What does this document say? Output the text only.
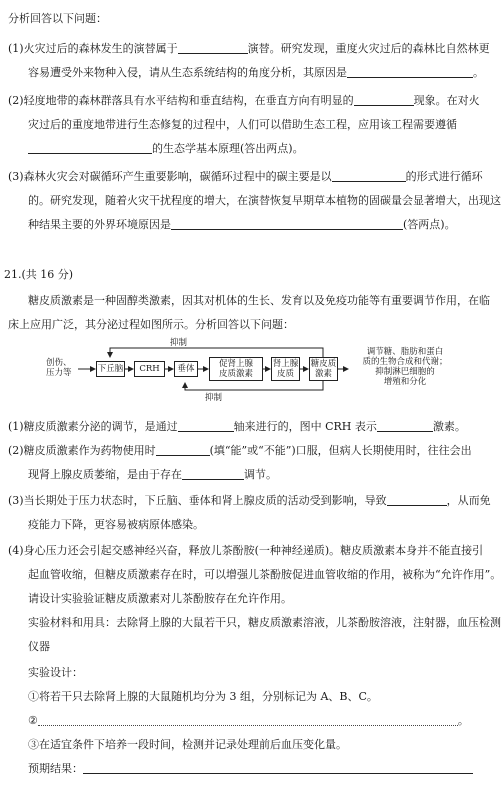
分析回答以下问题：
(1)火灾过后的森林发生的演替属于	演替。研究发现，重度火灾过后的森林比自然林更
容易遭受外来物种入侵，请从生态系统结构的角度分析，其原因是	。
(2)轻度地带的森林群落具有水平结构和垂直结构，在垂直方向有明显的	现象。在对火
灾过后的重度地带进行生态修复的过程中，人们可以借助生态工程，应用该工程需要遵循
的生态学基本原理(答出两点)。
(3)森林火灾会对碳循环产生重要影响，碳循环过程中的碳主要是以	的形式进行循环
的。研究发现，随着火灾干扰程度的增大，在演替恢复早期草本植物的固碳量会显著增大，出现这
种结果主要的外界环境原因是	(答两点)。
21.(共 16 分)
糖皮质激素是一种固醇类激素，因其对机体的生长、发育以及免疫功能等有重要调节作用，在临
床上应用广泛，其分泌过程如图所示。分析回答以下问题：
抑制
抑制
创伤、
压力等	下丘脑	CRH	垂体	促肾上腺
皮质激素
肾上腺
皮质
糖皮质
激素
调节糖、脂肪和蛋白
质的生物合成和代谢；
抑制淋巴细胞的
增殖和分化
(1)糖皮质激素分泌的调节，是通过	轴来进行的，图中 CRH 表示	激素。
(2)糖皮质激素作为药物使用时	(填“能”或“不能”)口服，但病人长期使用时，往往会出
现肾上腺皮质萎缩，是由于存在	调节。
(3)当长期处于压力状态时，下丘脑、垂体和肾上腺皮质的活动受到影响，导致	，从而免
疫能力下降，更容易被病原体感染。
(4)身心压力还会引起交感神经兴奋，释放儿茶酚胺(一种神经递质)。糖皮质激素本身并不能直接引
起血管收缩，但糖皮质激素存在时，可以增强儿茶酚胺促进血管收缩的作用，被称为“允许作用”。
请设计实验验证糖皮质激素对儿茶酚胺存在允许作用。
实验材料和用具：去除肾上腺的大鼠若干只，糖皮质激素溶液，儿茶酚胺溶液，注射器，血压检测
仪器
实验设计：
①将若干只去除肾上腺的大鼠随机均分为 3 组，分别标记为 A、B、C。
②	。
③在适宜条件下培养一段时间，检测并记录处理前后血压变化量。
预期结果：
